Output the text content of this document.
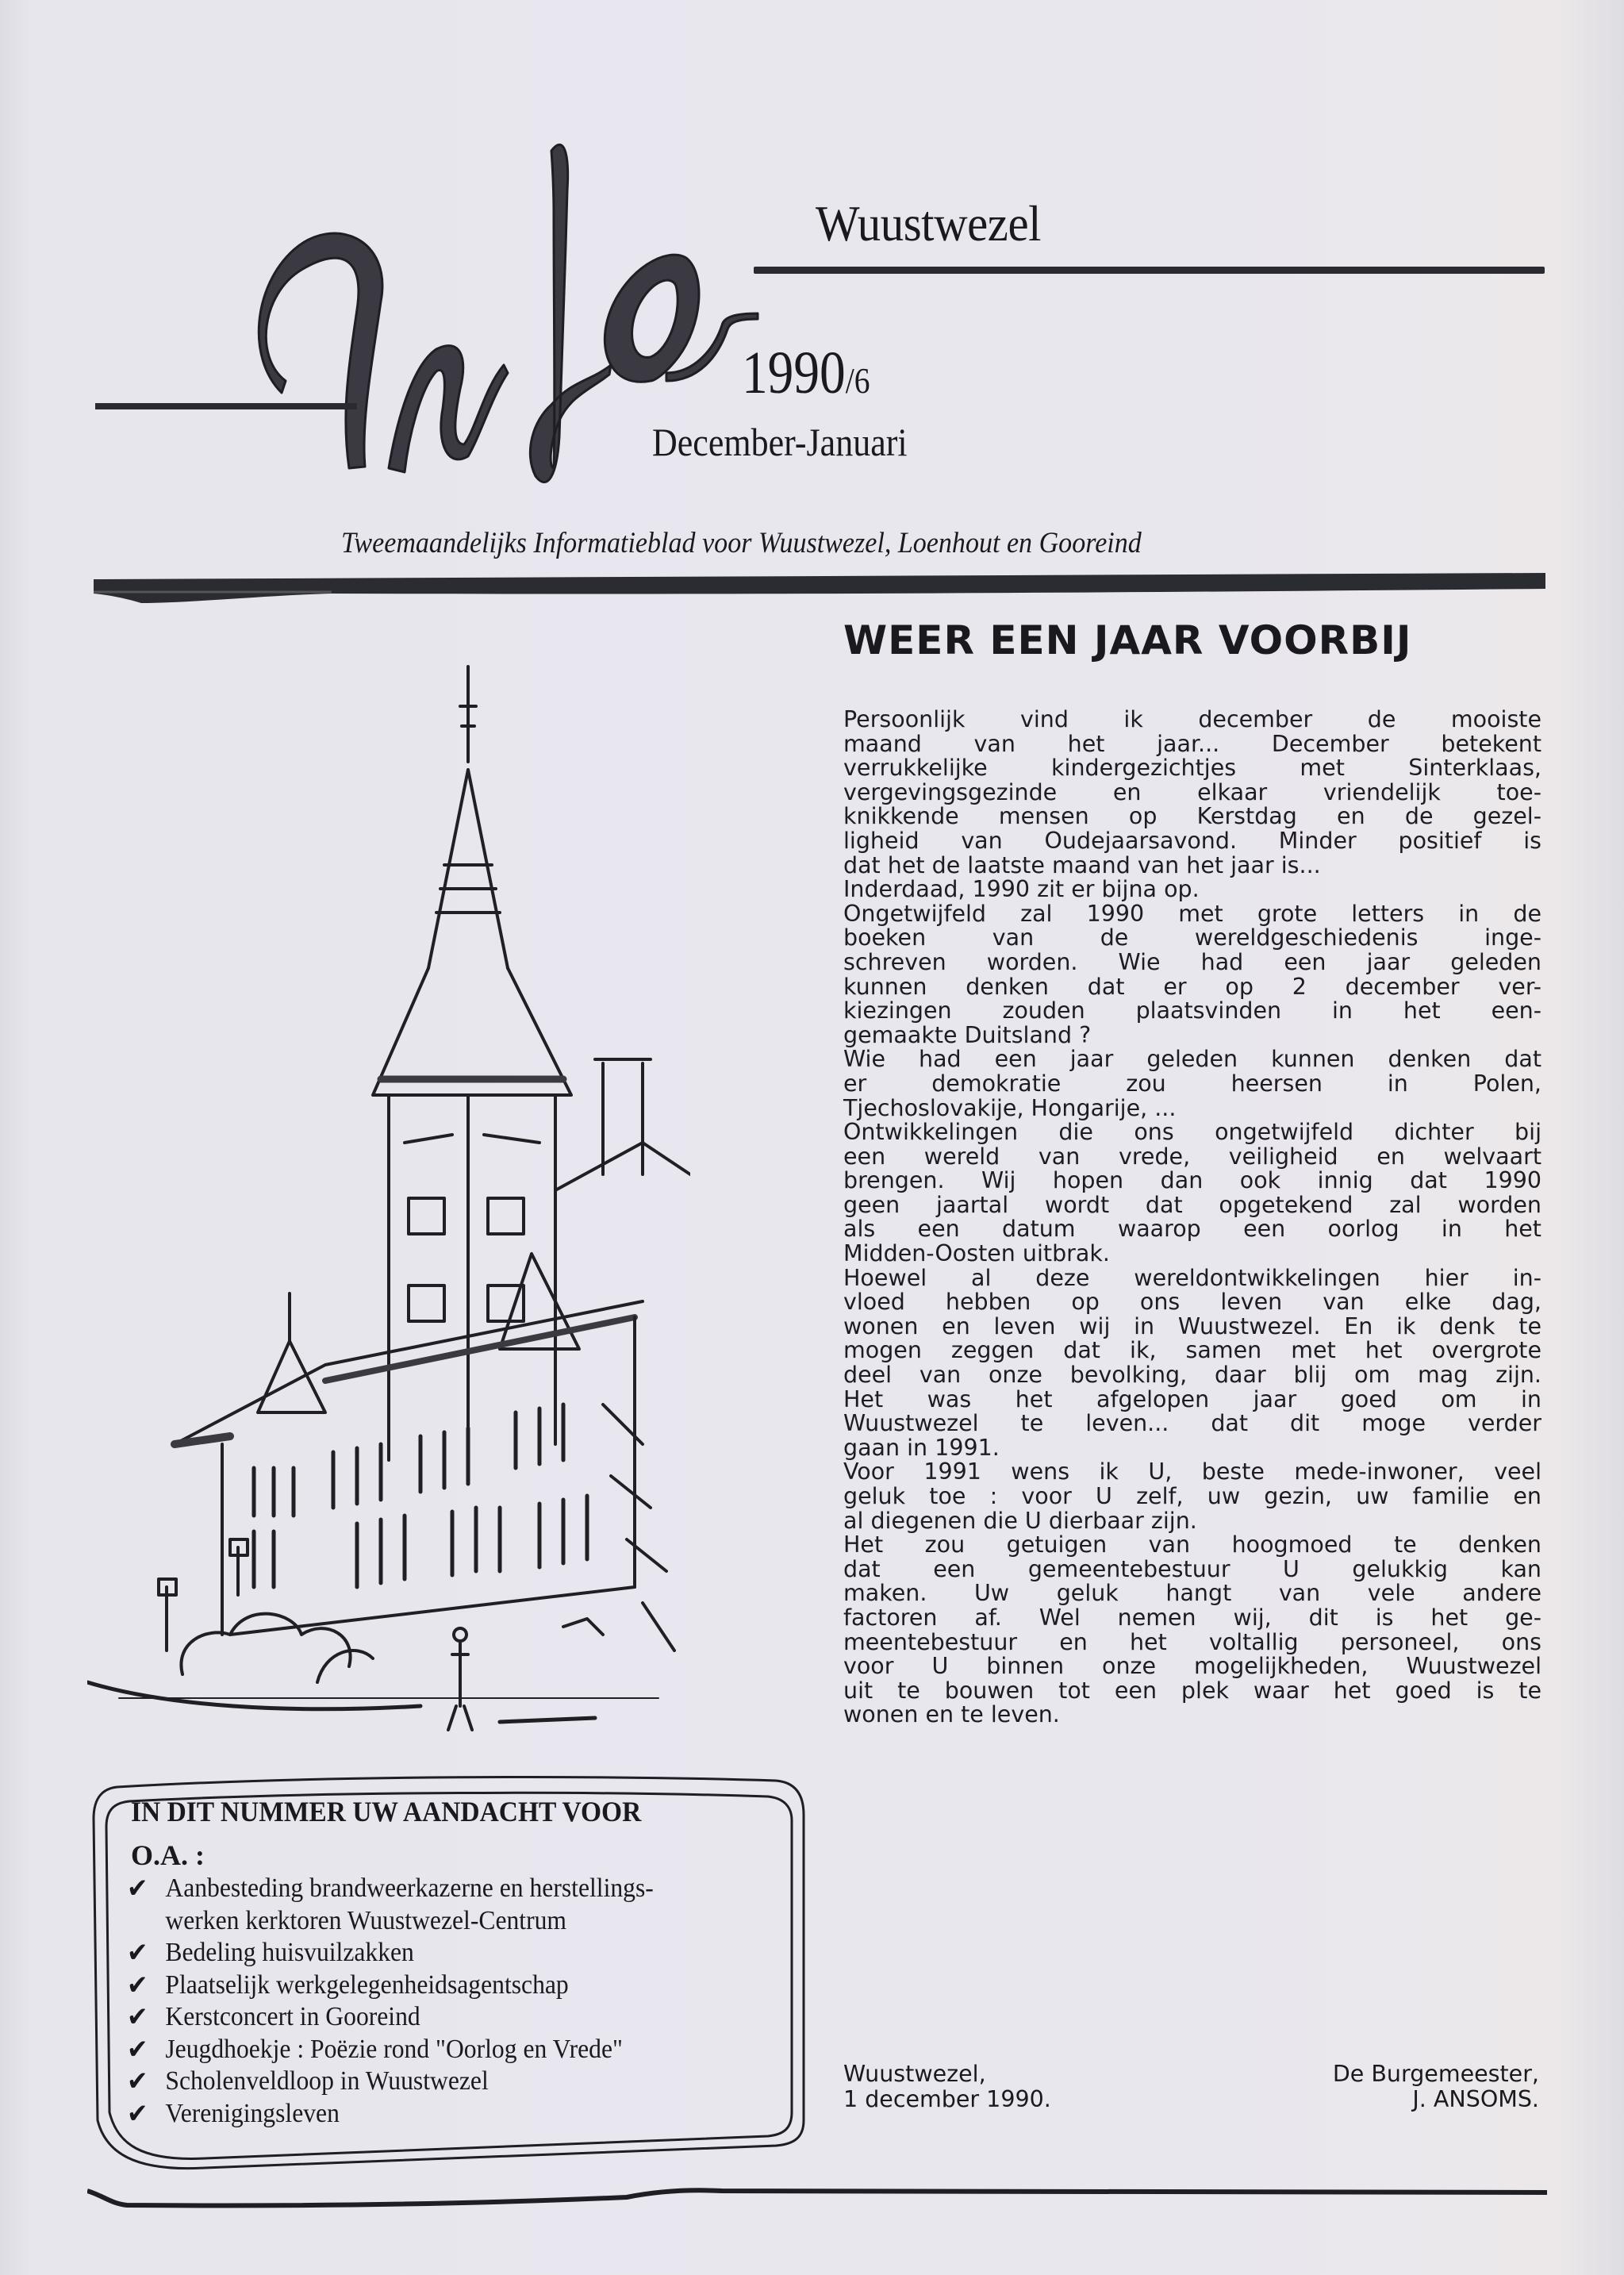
Wuustwezel
1990/6
December-Januari
Tweemaandelijks Informatieblad voor Wuustwezel, Loenhout en Gooreind
WEER EEN JAAR VOORBIJ
Persoonlijk vind ik december de mooiste
maand van het jaar... December betekent
verrukkelijke kindergezichtjes met Sinterklaas,
vergevingsgezinde en elkaar vriendelijk toe-
knikkende mensen op Kerstdag en de gezel-
ligheid van Oudejaarsavond. Minder positief is
dat het de laatste maand van het jaar is...
Inderdaad, 1990 zit er bijna op.
Ongetwijfeld zal 1990 met grote letters in de
boeken van de wereldgeschiedenis inge-
schreven worden. Wie had een jaar geleden
kunnen denken dat er op 2 december ver-
kiezingen zouden plaatsvinden in het een-
gemaakte Duitsland ?
Wie had een jaar geleden kunnen denken dat
er demokratie zou heersen in Polen,
Tjechoslovakije, Hongarije, ...
Ontwikkelingen die ons ongetwijfeld dichter bij
een wereld van vrede, veiligheid en welvaart
brengen. Wij hopen dan ook innig dat 1990
geen jaartal wordt dat opgetekend zal worden
als een datum waarop een oorlog in het
Midden-Oosten uitbrak.
Hoewel al deze wereldontwikkelingen hier in-
vloed hebben op ons leven van elke dag,
wonen en leven wij in Wuustwezel. En ik denk te
mogen zeggen dat ik, samen met het overgrote
deel van onze bevolking, daar blij om mag zijn.
Het was het afgelopen jaar goed om in
Wuustwezel te leven... dat dit moge verder
gaan in 1991.
Voor 1991 wens ik U, beste mede-inwoner, veel
geluk toe : voor U zelf, uw gezin, uw familie en
al diegenen die U dierbaar zijn.
Het zou getuigen van hoogmoed te denken
dat een gemeentebestuur U gelukkig kan
maken. Uw geluk hangt van vele andere
factoren af. Wel nemen wij, dit is het ge-
meentebestuur en het voltallig personeel, ons
voor U binnen onze mogelijkheden, Wuustwezel
uit te bouwen tot een plek waar het goed is te
wonen en te leven.
Wuustwezel,
1 december 1990.
De Burgemeester,
J. ANSOMS.
IN DIT NUMMER UW AANDACHT VOOR
O.A. :
✔ Aanbesteding brandweerkazerne en herstellings-
werken kerktoren Wuustwezel-Centrum
✔ Bedeling huisvuilzakken
✔ Plaatselijk werkgelegenheidsagentschap
✔ Kerstconcert in Gooreind
✔ Jeugdhoekje : Poëzie rond "Oorlog en Vrede"
✔ Scholenveldloop in Wuustwezel
✔ Verenigingsleven
